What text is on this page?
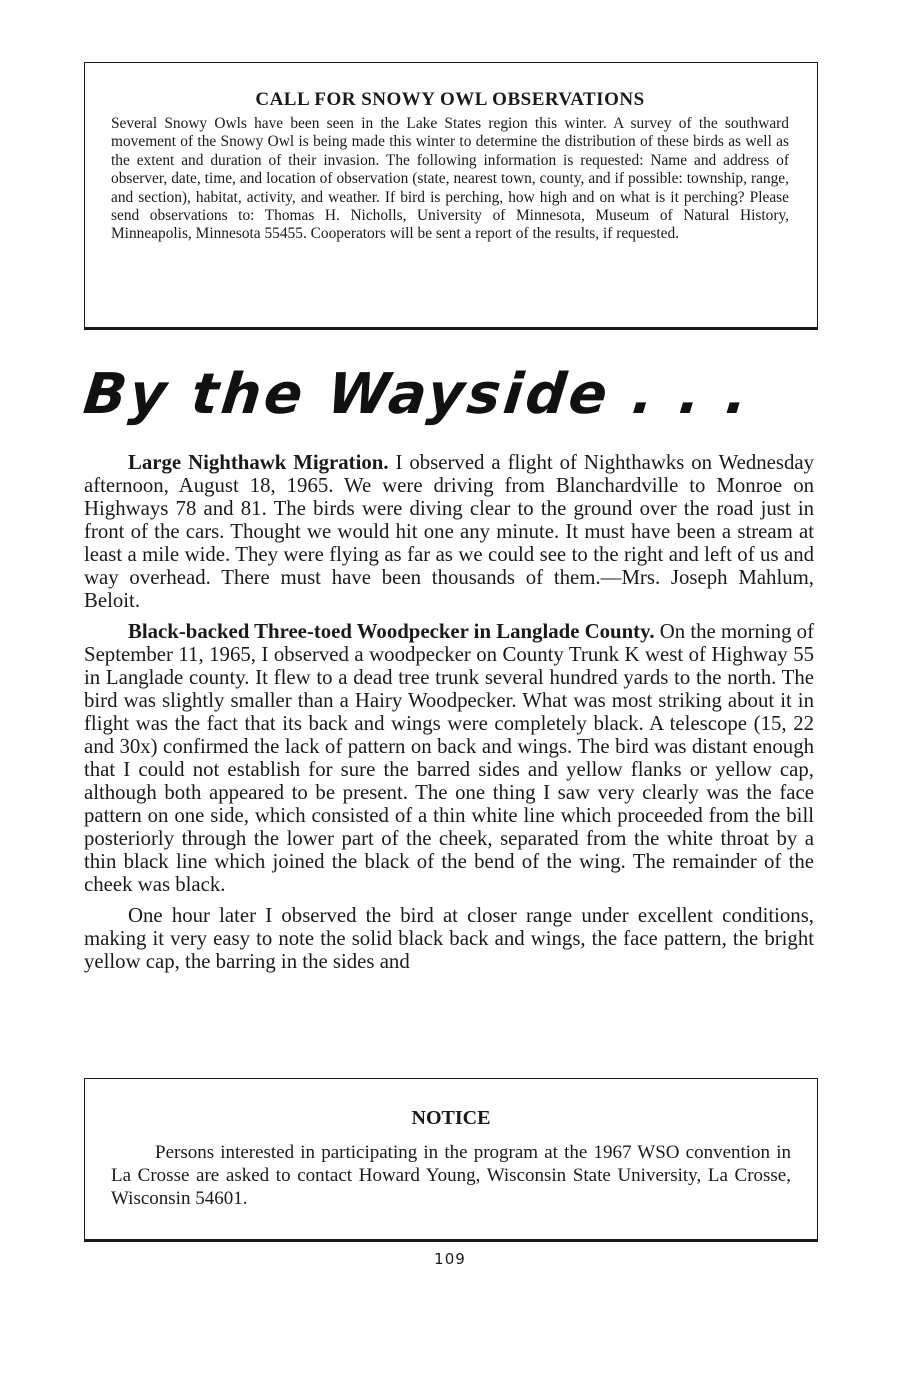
CALL FOR SNOWY OWL OBSERVATIONS

Several Snowy Owls have been seen in the Lake States region this winter. A survey of the southward movement of the Snowy Owl is being made this winter to determine the distribution of these birds as well as the extent and duration of their invasion. The following information is requested: Name and address of observer, date, time, and location of observation (state, nearest town, county, and if possible: township, range, and section), habitat, activity, and weather. If bird is perching, how high and on what is it perching? Please send observations to: Thomas H. Nicholls, University of Minnesota, Museum of Natural History, Minneapolis, Minnesota 55455. Cooperators will be sent a report of the results, if requested.

By the Wayside . . .

Large Nighthawk Migration. I observed a flight of Nighthawks on Wednesday afternoon, August 18, 1965. We were driving from Blanchardville to Monroe on Highways 78 and 81. The birds were diving clear to the ground over the road just in front of the cars. Thought we would hit one any minute. It must have been a stream at least a mile wide. They were flying as far as we could see to the right and left of us and way overhead. There must have been thousands of them.—Mrs. Joseph Mahlum, Beloit.

Black-backed Three-toed Woodpecker in Langlade County. On the morning of September 11, 1965, I observed a woodpecker on County Trunk K west of Highway 55 in Langlade county. It flew to a dead tree trunk several hundred yards to the north. The bird was slightly smaller than a Hairy Woodpecker. What was most striking about it in flight was the fact that its back and wings were completely black. A telescope (15, 22 and 30x) confirmed the lack of pattern on back and wings. The bird was distant enough that I could not establish for sure the barred sides and yellow flanks or yellow cap, although both appeared to be present. The one thing I saw very clearly was the face pattern on one side, which consisted of a thin white line which proceeded from the bill posteriorly through the lower part of the cheek, separated from the white throat by a thin black line which joined the black of the bend of the wing. The remainder of the cheek was black.

One hour later I observed the bird at closer range under excellent conditions, making it very easy to note the solid black back and wings, the face pattern, the bright yellow cap, the barring in the sides and

NOTICE

Persons interested in participating in the program at the 1967 WSO convention in La Crosse are asked to contact Howard Young, Wisconsin State University, La Crosse, Wisconsin 54601.

109
